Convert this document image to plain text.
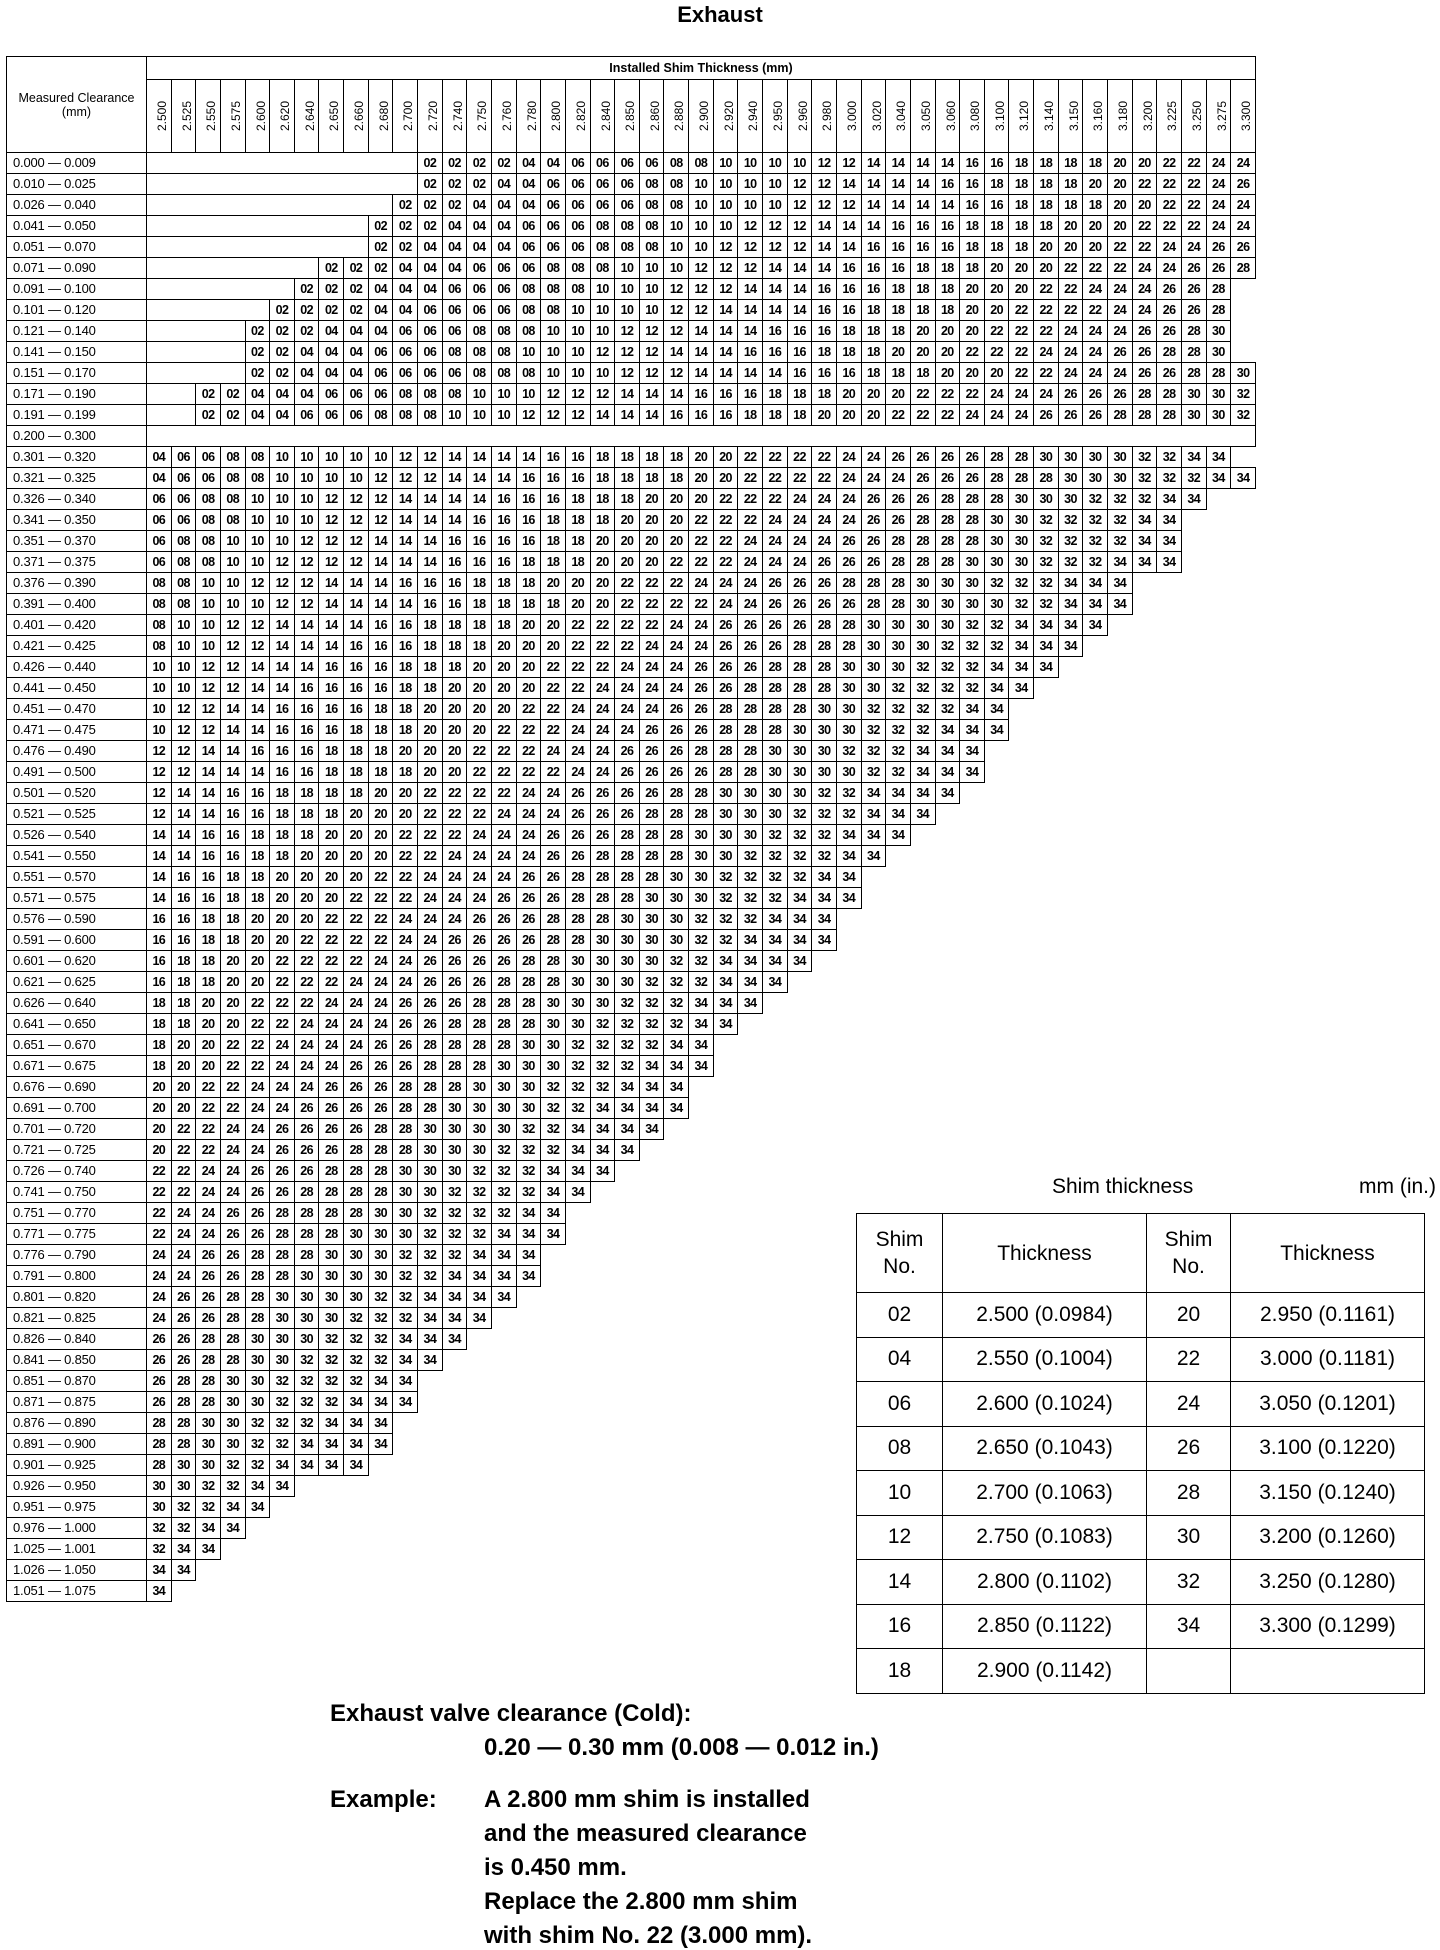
Exhaust
Measured Clearance (mm)	Installed Shim Thickness (mm)																																													
	2.500	2.525	2.550	2.575	2.600	2.620	2.640	2.650	2.660	2.680	2.700	2.720	2.740	2.750	2.760	2.780	2.800	2.820	2.840	2.850	2.860	2.880	2.900	2.920	2.940	2.950	2.960	2.980	3.000	3.020	3.040	3.050	3.060	3.080	3.100	3.120	3.140	3.150	3.160	3.180	3.200	3.225	3.250	3.275	3.300	
0.000 — 0.009												02	02	02	02	04	04	06	06	06	06	08	08	10	10	10	10	12	12	14	14	14	14	16	16	18	18	18	18	20	20	22	22	24	24	
0.010 — 0.025												02	02	02	04	04	06	06	06	06	08	08	10	10	10	10	12	12	14	14	14	14	16	16	18	18	18	18	20	20	22	22	22	24	26	
0.026 — 0.040											02	02	02	04	04	04	06	06	06	06	08	08	10	10	10	10	12	12	12	14	14	14	14	16	16	18	18	18	18	20	20	22	22	24	24	
0.041 — 0.050										02	02	02	04	04	04	06	06	06	08	08	08	10	10	10	12	12	12	14	14	14	16	16	16	18	18	18	18	20	20	20	22	22	22	24	24	
0.051 — 0.070										02	02	04	04	04	04	06	06	06	08	08	08	10	10	12	12	12	12	14	14	16	16	16	16	18	18	18	20	20	20	22	22	24	24	26	26	
0.071 — 0.090								02	02	02	04	04	04	06	06	06	08	08	08	10	10	10	12	12	12	14	14	14	16	16	16	18	18	18	20	20	20	22	22	22	24	24	26	26	28	
0.091 — 0.100							02	02	02	04	04	04	06	06	06	08	08	08	10	10	10	12	12	12	14	14	14	16	16	16	18	18	18	20	20	20	22	22	24	24	24	26	26	28		
0.101 — 0.120						02	02	02	02	04	04	06	06	06	06	08	08	10	10	10	10	12	12	14	14	14	14	16	16	18	18	18	18	20	20	22	22	22	22	24	24	26	26	28		
0.121 — 0.140					02	02	02	04	04	04	06	06	06	08	08	08	10	10	10	12	12	12	14	14	14	16	16	16	18	18	18	20	20	20	22	22	22	24	24	24	26	26	28	30		
0.141 — 0.150					02	02	04	04	04	06	06	06	08	08	08	10	10	10	12	12	12	14	14	14	16	16	16	18	18	18	20	20	20	22	22	22	24	24	24	26	26	28	28	30		
0.151 — 0.170					02	02	04	04	04	06	06	06	06	08	08	08	10	10	10	12	12	12	14	14	14	14	16	16	16	18	18	18	20	20	20	22	22	24	24	24	26	26	28	28	30	
0.171 — 0.190			02	02	04	04	04	06	06	06	08	08	08	10	10	10	12	12	12	14	14	14	16	16	16	18	18	18	20	20	20	22	22	22	24	24	24	26	26	26	28	28	30	30	32	
0.191 — 0.199			02	02	04	04	06	06	06	08	08	08	10	10	10	12	12	12	14	14	14	16	16	16	18	18	18	20	20	20	22	22	22	24	24	24	26	26	26	28	28	28	30	30	32	
0.200 — 0.300																																														
0.301 — 0.320	04	06	06	08	08	10	10	10	10	10	12	12	14	14	14	14	16	16	18	18	18	18	20	20	22	22	22	22	24	24	26	26	26	26	28	28	30	30	30	30	32	32	34	34		
0.321 — 0.325	04	06	06	08	08	10	10	10	10	12	12	12	14	14	14	16	16	16	18	18	18	18	20	20	22	22	22	22	24	24	24	26	26	26	28	28	28	30	30	30	32	32	32	34	34	
0.326 — 0.340	06	06	08	08	10	10	10	12	12	12	14	14	14	14	16	16	16	18	18	18	20	20	20	22	22	22	24	24	24	26	26	26	28	28	28	30	30	30	32	32	32	34	34			
0.341 — 0.350	06	06	08	08	10	10	10	12	12	12	14	14	14	16	16	16	18	18	18	20	20	20	22	22	22	24	24	24	24	26	26	28	28	28	30	30	32	32	32	32	34	34				
0.351 — 0.370	06	08	08	10	10	10	12	12	12	14	14	14	16	16	16	16	18	18	20	20	20	20	22	22	24	24	24	24	26	26	28	28	28	28	30	30	32	32	32	32	34	34				
0.371 — 0.375	06	08	08	10	10	12	12	12	12	14	14	14	16	16	16	18	18	18	20	20	20	22	22	22	24	24	24	26	26	26	28	28	28	30	30	30	32	32	32	34	34	34				
0.376 — 0.390	08	08	10	10	12	12	12	14	14	14	16	16	16	18	18	18	20	20	20	22	22	22	24	24	24	26	26	26	28	28	28	30	30	30	32	32	32	34	34	34						
0.391 — 0.400	08	08	10	10	10	12	12	14	14	14	14	16	16	18	18	18	18	20	20	22	22	22	22	24	24	26	26	26	26	28	28	30	30	30	30	32	32	34	34	34						
0.401 — 0.420	08	10	10	12	12	14	14	14	14	16	16	18	18	18	18	20	20	22	22	22	22	24	24	26	26	26	26	28	28	30	30	30	30	32	32	34	34	34	34							
0.421 — 0.425	08	10	10	12	12	14	14	14	16	16	16	18	18	18	20	20	20	22	22	22	24	24	24	26	26	26	28	28	28	30	30	30	32	32	32	34	34	34								
0.426 — 0.440	10	10	12	12	14	14	14	16	16	16	18	18	18	20	20	20	22	22	22	24	24	24	26	26	26	28	28	28	30	30	30	32	32	32	34	34	34									
0.441 — 0.450	10	10	12	12	14	14	16	16	16	16	18	18	20	20	20	20	22	22	24	24	24	24	26	26	28	28	28	28	30	30	32	32	32	32	34	34										
0.451 — 0.470	10	12	12	14	14	16	16	16	16	18	18	20	20	20	20	22	22	24	24	24	24	26	26	28	28	28	28	30	30	32	32	32	32	34	34											
0.471 — 0.475	10	12	12	14	14	16	16	16	18	18	18	20	20	20	22	22	22	24	24	24	26	26	26	28	28	28	30	30	30	32	32	32	34	34	34											
0.476 — 0.490	12	12	14	14	16	16	16	18	18	18	20	20	20	22	22	22	24	24	24	26	26	26	28	28	28	30	30	30	32	32	32	34	34	34												
0.491 — 0.500	12	12	14	14	14	16	16	18	18	18	18	20	20	22	22	22	22	24	24	26	26	26	26	28	28	30	30	30	30	32	32	34	34	34												
0.501 — 0.520	12	14	14	16	16	18	18	18	18	20	20	22	22	22	22	24	24	26	26	26	26	28	28	30	30	30	30	32	32	34	34	34	34													
0.521 — 0.525	12	14	14	16	16	18	18	18	20	20	20	22	22	22	24	24	24	26	26	26	28	28	28	30	30	30	32	32	32	34	34	34														
0.526 — 0.540	14	14	16	16	18	18	18	20	20	20	22	22	22	24	24	24	26	26	26	28	28	28	30	30	30	32	32	32	34	34	34															
0.541 — 0.550	14	14	16	16	18	18	20	20	20	20	22	22	24	24	24	24	26	26	28	28	28	28	30	30	32	32	32	32	34	34																
0.551 — 0.570	14	16	16	18	18	20	20	20	20	22	22	24	24	24	24	26	26	28	28	28	28	30	30	32	32	32	32	34	34																	
0.571 — 0.575	14	16	16	18	18	20	20	20	22	22	22	24	24	24	26	26	26	28	28	28	30	30	30	32	32	32	34	34	34																	
0.576 — 0.590	16	16	18	18	20	20	20	22	22	22	24	24	24	26	26	26	28	28	28	30	30	30	32	32	32	34	34	34																		
0.591 — 0.600	16	16	18	18	20	20	22	22	22	22	24	24	26	26	26	26	28	28	30	30	30	30	32	32	34	34	34	34																		
0.601 — 0.620	16	18	18	20	20	22	22	22	22	24	24	26	26	26	26	28	28	30	30	30	30	32	32	34	34	34	34																			
0.621 — 0.625	16	18	18	20	20	22	22	22	24	24	24	26	26	26	28	28	28	30	30	30	32	32	32	34	34	34																				
0.626 — 0.640	18	18	20	20	22	22	22	24	24	24	26	26	26	28	28	28	30	30	30	32	32	32	34	34	34																					
0.641 — 0.650	18	18	20	20	22	22	24	24	24	24	26	26	28	28	28	28	30	30	32	32	32	32	34	34																						
0.651 — 0.670	18	20	20	22	22	24	24	24	24	26	26	28	28	28	28	30	30	32	32	32	32	34	34																							
0.671 — 0.675	18	20	20	22	22	24	24	24	26	26	26	28	28	28	30	30	30	32	32	32	34	34	34																							
0.676 — 0.690	20	20	22	22	24	24	24	26	26	26	28	28	28	30	30	30	32	32	32	34	34	34																								
0.691 — 0.700	20	20	22	22	24	24	26	26	26	26	28	28	30	30	30	30	32	32	34	34	34	34																								
0.701 — 0.720	20	22	22	24	24	26	26	26	26	28	28	30	30	30	30	32	32	34	34	34	34																									
0.721 — 0.725	20	22	22	24	24	26	26	26	28	28	28	30	30	30	32	32	32	34	34	34																										
0.726 — 0.740	22	22	24	24	26	26	26	28	28	28	30	30	30	32	32	32	34	34	34																											
0.741 — 0.750	22	22	24	24	26	26	28	28	28	28	30	30	32	32	32	32	34	34																												
0.751 — 0.770	22	24	24	26	26	28	28	28	28	30	30	32	32	32	32	34	34																													
0.771 — 0.775	22	24	24	26	26	28	28	28	30	30	30	32	32	32	34	34	34																													
0.776 — 0.790	24	24	26	26	28	28	28	30	30	30	32	32	32	34	34	34																														
0.791 — 0.800	24	24	26	26	28	28	30	30	30	30	32	32	34	34	34	34																														
0.801 — 0.820	24	26	26	28	28	30	30	30	30	32	32	34	34	34	34																															
0.821 — 0.825	24	26	26	28	28	30	30	30	32	32	32	34	34	34																																
0.826 — 0.840	26	26	28	28	30	30	30	32	32	32	34	34	34																																	
0.841 — 0.850	26	26	28	28	30	30	32	32	32	32	34	34																																		
0.851 — 0.870	26	28	28	30	30	32	32	32	32	34	34																																			
0.871 — 0.875	26	28	28	30	30	32	32	32	34	34	34																																			
0.876 — 0.890	28	28	30	30	32	32	32	34	34	34																																				
0.891 — 0.900	28	28	30	30	32	32	34	34	34	34																																				
0.901 — 0.925	28	30	30	32	32	34	34	34	34																																					
0.926 — 0.950	30	30	32	32	34	34																																								
0.951 — 0.975	30	32	32	34	34																																									
0.976 — 1.000	32	32	34	34																																										
1.025 — 1.001	32	34	34																																											
1.026 — 1.050	34	34																																												
1.051 — 1.075	34																																													
Shim thickness	mm (in.)
Shim No.	Thickness	Shim No.	Thickness
02	2.500 (0.0984)	20	2.950 (0.1161)
04	2.550 (0.1004)	22	3.000 (0.1181)
06	2.600 (0.1024)	24	3.050 (0.1201)
08	2.650 (0.1043)	26	3.100 (0.1220)
10	2.700 (0.1063)	28	3.150 (0.1240)
12	2.750 (0.1083)	30	3.200 (0.1260)
14	2.800 (0.1102)	32	3.250 (0.1280)
16	2.850 (0.1122)	34	3.300 (0.1299)
18	2.900 (0.1142)		
Exhaust valve clearance (Cold):
0.20 — 0.30 mm (0.008 — 0.012 in.)
Example: A 2.800 mm shim is installed
and the measured clearance
is 0.450 mm.
Replace the 2.800 mm shim
with shim No. 22 (3.000 mm).
